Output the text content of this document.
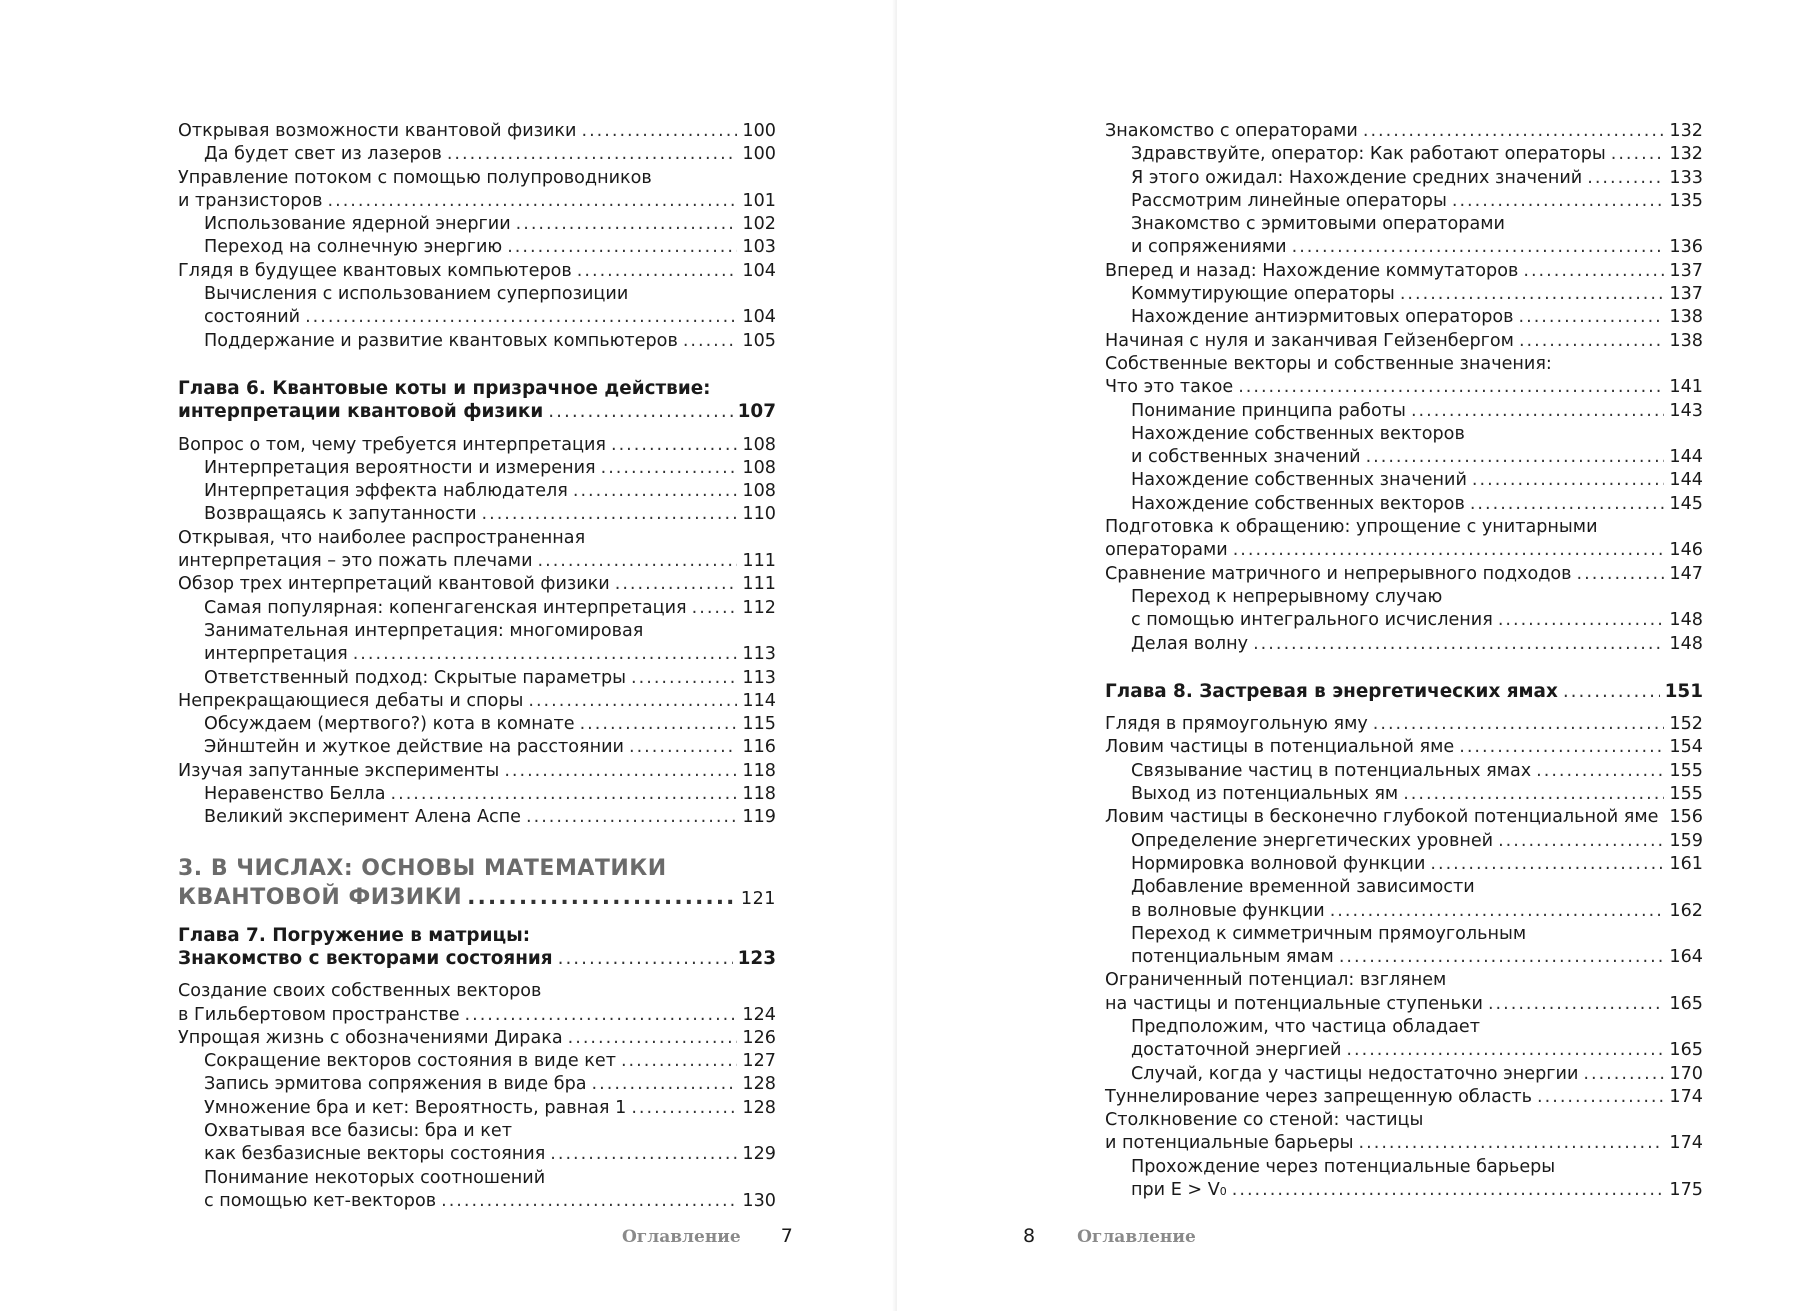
Открывая возможности квантовой физики .....	100
Да будет свет из лазеров .....	100
Управление потоком с помощью полупроводников
и транзисторов .....	101
Использование ядерной энергии .....	102
Переход на солнечную энергию .....	103
Глядя в будущее квантовых компьютеров .....	104
Вычисления с использованием суперпозиции
состояний .....	104
Поддержание и развитие квантовых компьютеров .....	105
Глава 6. Квантовые коты и призрачное действие:
интерпретации квантовой физики .....	107
Вопрос о том, чему требуется интерпретация .....	108
Интерпретация вероятности и измерения .....	108
Интерпретация эффекта наблюдателя .....	108
Возвращаясь к запутанности .....	110
Открывая, что наиболее распространенная
интерпретация – это пожать плечами .....	111
Обзор трех интерпретаций квантовой физики .....	111
Самая популярная: копенгагенская интерпретация .....	112
Занимательная интерпретация: многомировая
интерпретация .....	113
Ответственный подход: Скрытые параметры .....	113
Непрекращающиеся дебаты и споры .....	114
Обсуждаем (мертвого?) кота в комнате .....	115
Эйнштейн и жуткое действие на расстоянии .....	116
Изучая запутанные эксперименты .....	118
Неравенство Белла .....	118
Великий эксперимент Алена Аспе .....	119
3. В ЧИСЛАХ: ОСНОВЫ МАТЕМАТИКИ
КВАНТОВОЙ ФИЗИКИ .....	121
Глава 7. Погружение в матрицы:
Знакомство с векторами состояния .....	123
Создание своих собственных векторов
в Гильбертовом пространстве .....	124
Упрощая жизнь с обозначениями Дирака .....	126
Сокращение векторов состояния в виде кет .....	127
Запись эрмитова сопряжения в виде бра .....	128
Умножение бра и кет: Вероятность, равная 1 .....	128
Охватывая все базисы: бра и кет
как безбазисные векторы состояния .....	129
Понимание некоторых соотношений
с помощью кет-векторов .....	130
Оглавление 7
Знакомство с операторами .....	132
Здравствуйте, оператор: Как работают операторы .....	132
Я этого ожидал: Нахождение средних значений .....	133
Рассмотрим линейные операторы .....	135
Знакомство с эрмитовыми операторами
и сопряжениями .....	136
Вперед и назад: Нахождение коммутаторов .....	137
Коммутирующие операторы .....	137
Нахождение антиэрмитовых операторов .....	138
Начиная с нуля и заканчивая Гейзенбергом .....	138
Собственные векторы и собственные значения:
Что это такое .....	141
Понимание принципа работы .....	143
Нахождение собственных векторов
и собственных значений .....	144
Нахождение собственных значений .....	144
Нахождение собственных векторов .....	145
Подготовка к обращению: упрощение с унитарными
операторами .....	146
Сравнение матричного и непрерывного подходов .....	147
Переход к непрерывному случаю
с помощью интегрального исчисления .....	148
Делая волну .....	148
Глава 8. Застревая в энергетических ямах .....	151
Глядя в прямоугольную яму .....	152
Ловим частицы в потенциальной яме .....	154
Связывание частиц в потенциальных ямах .....	155
Выход из потенциальных ям .....	155
Ловим частицы в бесконечно глубокой потенциальной яме ..... 156
Определение энергетических уровней .....	159
Нормировка волновой функции .....	161
Добавление временной зависимости
в волновые функции .....	162
Переход к симметричным прямоугольным
потенциальным ямам .....	164
Ограниченный потенциал: взглянем
на частицы и потенциальные ступеньки .....	165
Предположим, что частица обладает
достаточной энергией .....	165
Случай, когда у частицы недостаточно энергии .....	170
Туннелирование через запрещенную область .....	174
Столкновение со стеной: частицы
и потенциальные барьеры .....	174
Прохождение через потенциальные барьеры
при E > V 0 .....	175
8 Оглавление
